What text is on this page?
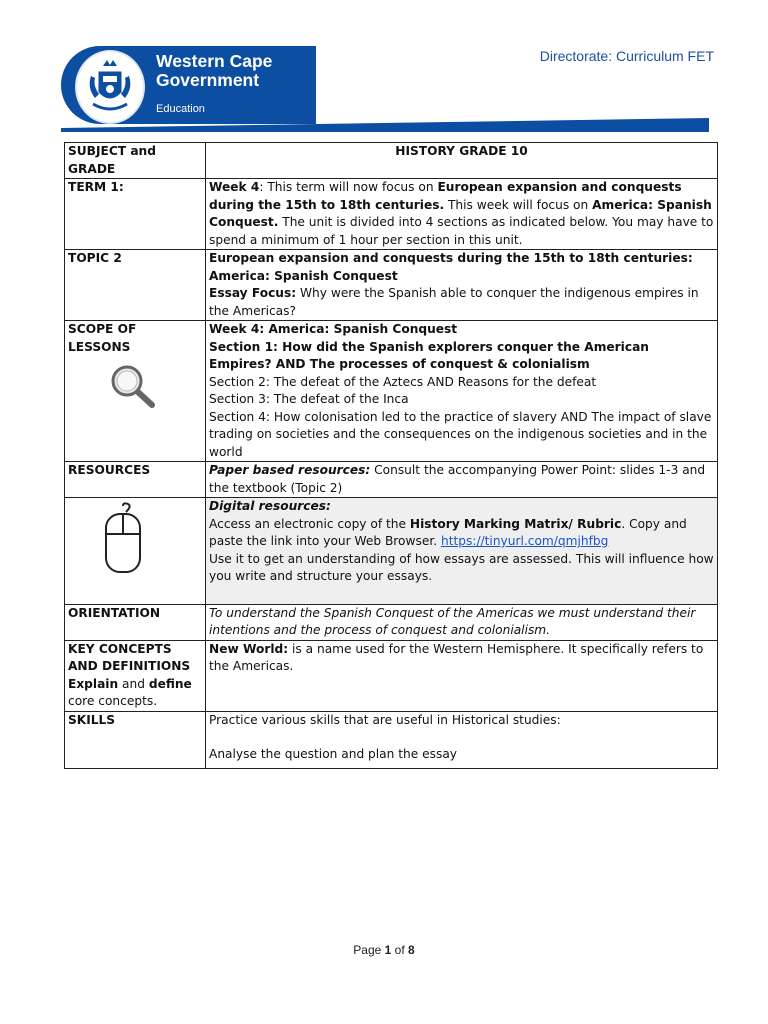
Western Cape
Government
Education
Directorate: Curriculum FET
SUBJECT and GRADE	HISTORY GRADE 10
TERM 1:	Week 4: This term will now focus on European expansion and conquests during the 15th to 18th centuries. This week will focus on America: Spanish Conquest. The unit is divided into 4 sections as indicated below. You may have to spend a minimum of 1 hour per section in this unit.
TOPIC 2	European expansion and conquests during the 15th to 18th centuries: America: Spanish Conquest
Essay Focus: Why were the Spanish able to conquer the indigenous empires in the Americas?

SCOPE OF LESSONS	Week 4: America: Spanish Conquest
Section 1: How did the Spanish explorers conquer the American Empires? AND The processes of conquest & colonialism
Section 2: The defeat of the Aztecs AND Reasons for the defeat
Section 3: The defeat of the Inca
Section 4: How colonisation led to the practice of slavery AND The impact of slave trading on societies and the consequences on the indigenous societies and in the world

RESOURCES	Paper based resources: Consult the accompanying Power Point: slides 1-3 and the textbook (Topic 2)

Digital resources:
Access an electronic copy of the History Marking Matrix/ Rubric. Copy and paste the link into your Web Browser. https://tinyurl.com/qmjhfbg
Use it to get an understanding of how essays are assessed. This will influence how you write and structure your essays.

ORIENTATION	To understand the Spanish Conquest of the Americas we must understand their intentions and the process of conquest and colonialism.

KEY CONCEPTS AND DEFINITIONS
Explain and define
core concepts.	New World: is a name used for the Western Hemisphere. It specifically refers to the Americas.
SKILLS	Practice various skills that are useful in Historical studies:
Analyse the question and plan the essay
Page 1 of 8
